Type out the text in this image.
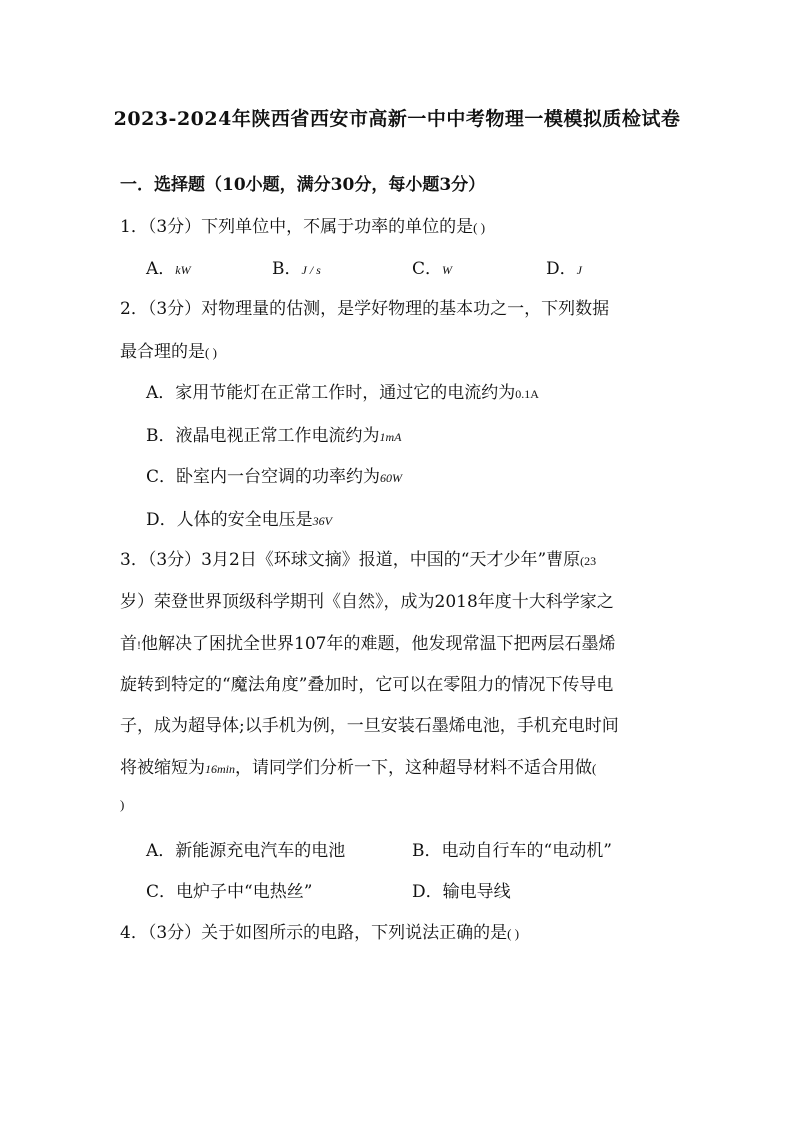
2023-2024年陕西省西安市高新一中中考物理一模模拟质检试卷
一．选择题（10小题，满分30分，每小题3分）
1．（3分）下列单位中，不属于功率的单位的是( )
A．kW	B．J / s	C．W	D．J
2．（3分）对物理量的估测，是学好物理的基本功之一，下列数据
最合理的是( )
A．家用节能灯在正常工作时，通过它的电流约为0.1A
B．液晶电视正常工作电流约为1mA
C．卧室内一台空调的功率约为60W
D．人体的安全电压是36V
3．（3分）3月2日《环球文摘》报道，中国的“天才少年”曹原(23
岁）荣登世界顶级科学期刊《自然》，成为2018年度十大科学家之
首!他解决了困扰全世界107年的难题，他发现常温下把两层石墨烯
旋转到特定的“魔法角度”叠加时，它可以在零阻力的情况下传导电
子，成为超导体;以手机为例，一旦安装石墨烯电池，手机充电时间
将被缩短为16min，请同学们分析一下，这种超导材料不适合用做(
)
A．新能源充电汽车的电池	B．电动自行车的“电动机”
C．电炉子中“电热丝”	D．输电导线
4．（3分）关于如图所示的电路，下列说法正确的是( )
